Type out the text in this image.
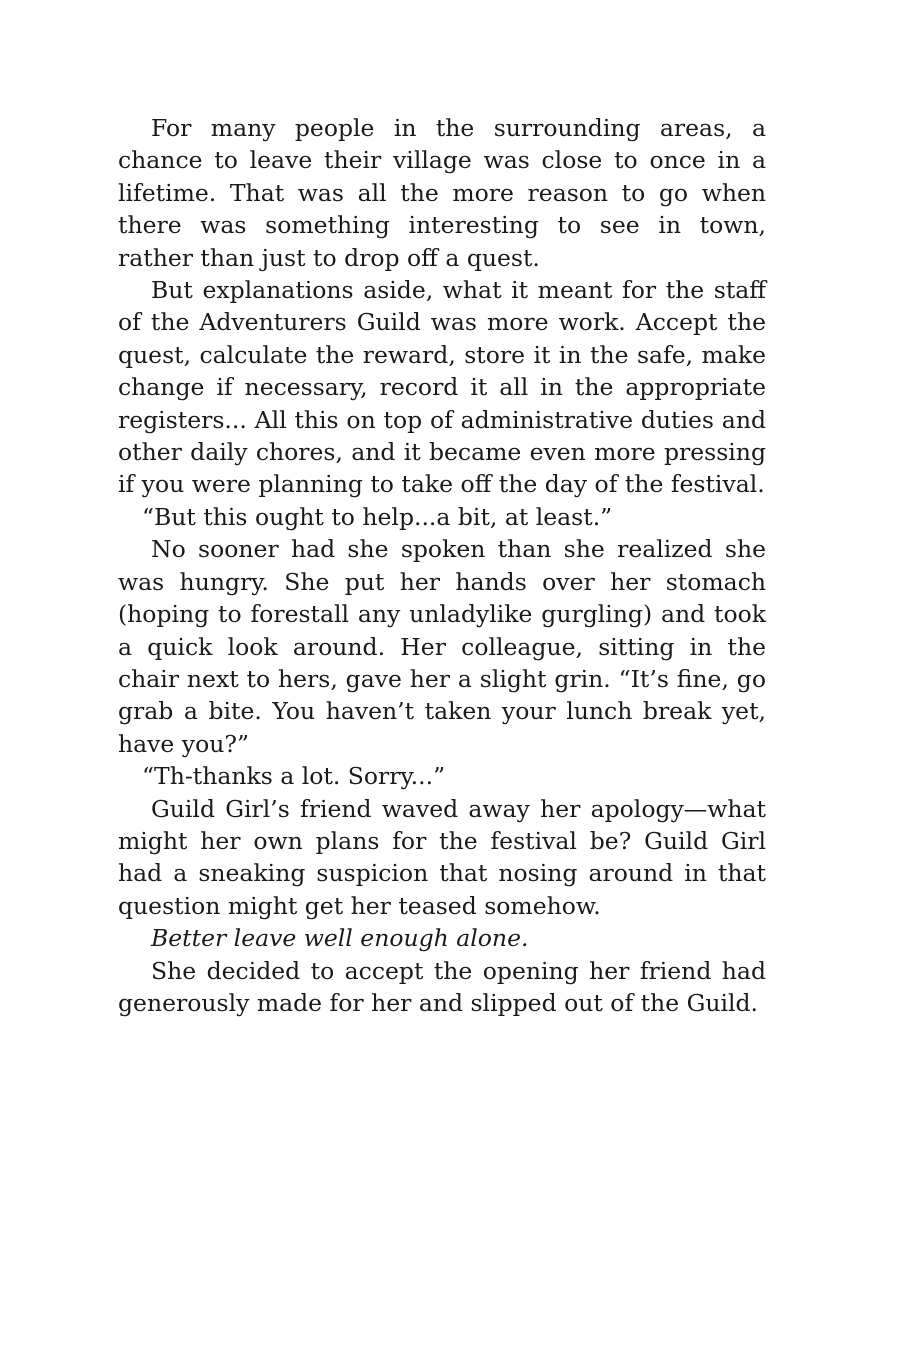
For many people in the surrounding areas, a chance to leave their village was close to once in a lifetime. That was all the more reason to go when there was something interesting to see in town, rather than just to drop off a quest.

But explanations aside, what it meant for the staff of the Adventurers Guild was more work. Accept the quest, calculate the reward, store it in the safe, make change if necessary, record it all in the appropriate registers... All this on top of administrative duties and other daily chores, and it became even more pressing if you were planning to take off the day of the festival.

“But this ought to help...a bit, at least.”

No sooner had she spoken than she realized she was hungry. She put her hands over her stomach (hoping to forestall any unladylike gurgling) and took a quick look around. Her colleague, sitting in the chair next to hers, gave her a slight grin. “It’s fine, go grab a bite. You haven’t taken your lunch break yet, have you?”

“Th-thanks a lot. Sorry...”

Guild Girl’s friend waved away her apology—what might her own plans for the festival be? Guild Girl had a sneaking suspicion that nosing around in that question might get her teased somehow.

Better leave well enough alone.

She decided to accept the opening her friend had generously made for her and slipped out of the Guild.
